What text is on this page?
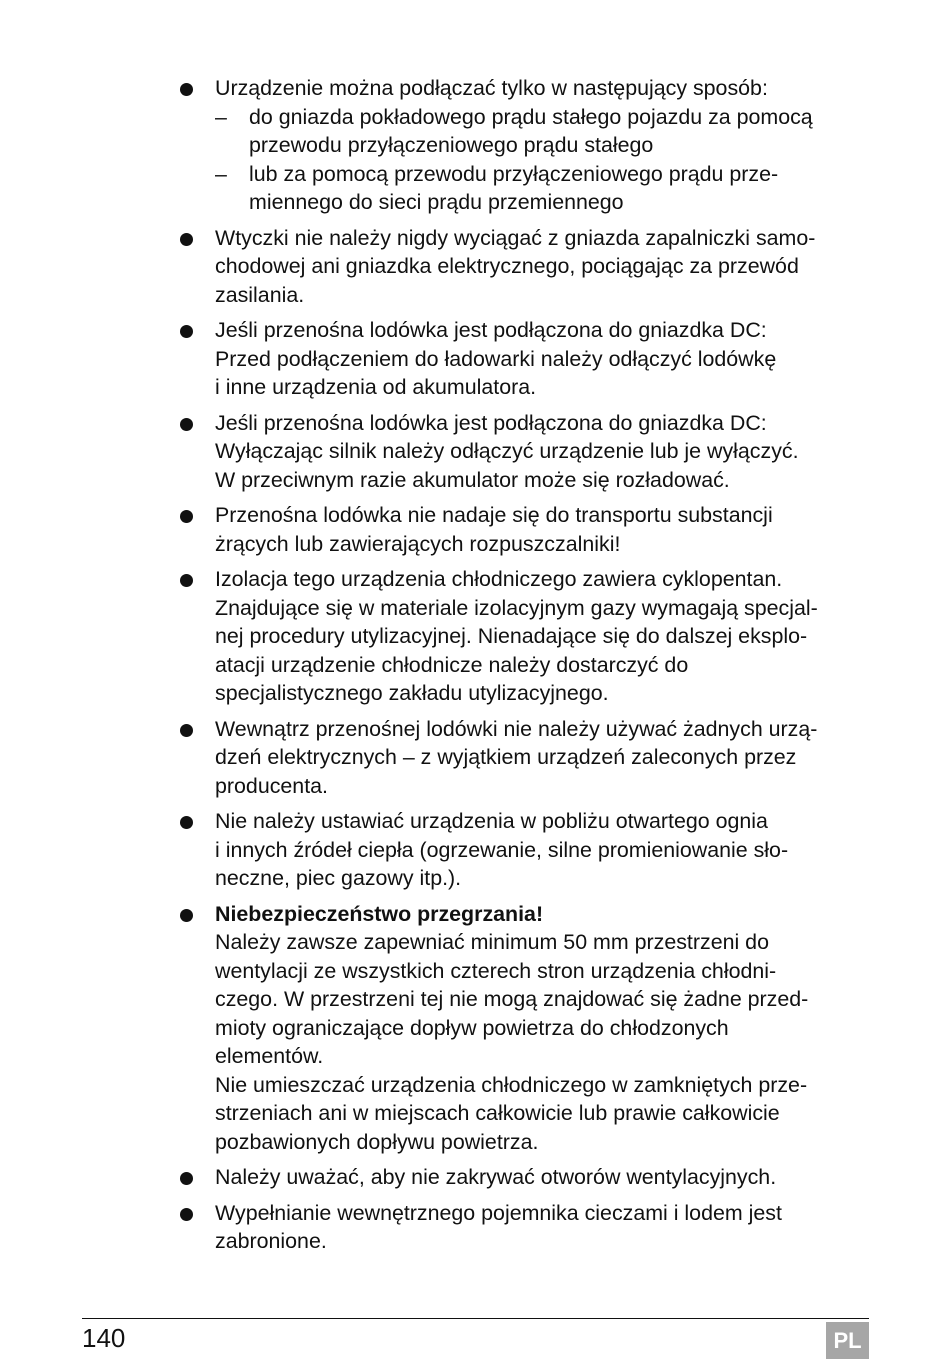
Urządzenie można podłączać tylko w następujący sposób:
– do gniazda pokładowego prądu stałego pojazdu za pomocą
przewodu przyłączeniowego prądu stałego
– lub za pomocą przewodu przyłączeniowego prądu prze-
miennego do sieci prądu przemiennego
Wtyczki nie należy nigdy wyciągać z gniazda zapalniczki samo-
chodowej ani gniazdka elektrycznego, pociągając za przewód
zasilania.
Jeśli przenośna lodówka jest podłączona do gniazdka DC:
Przed podłączeniem do ładowarki należy odłączyć lodówkę
i inne urządzenia od akumulatora.
Jeśli przenośna lodówka jest podłączona do gniazdka DC:
Wyłączając silnik należy odłączyć urządzenie lub je wyłączyć.
W przeciwnym razie akumulator może się rozładować.
Przenośna lodówka nie nadaje się do transportu substancji
żrących lub zawierających rozpuszczalniki!
Izolacja tego urządzenia chłodniczego zawiera cyklopentan.
Znajdujące się w materiale izolacyjnym gazy wymagają specjal-
nej procedury utylizacyjnej. Nienadające się do dalszej eksplo-
atacji urządzenie chłodnicze należy dostarczyć do
specjalistycznego zakładu utylizacyjnego.
Wewnątrz przenośnej lodówki nie należy używać żadnych urzą-
dzeń elektrycznych – z wyjątkiem urządzeń zaleconych przez
producenta.
Nie należy ustawiać urządzenia w pobliżu otwartego ognia
i innych źródeł ciepła (ogrzewanie, silne promieniowanie sło-
neczne, piec gazowy itp.).
Niebezpieczeństwo przegrzania!
Należy zawsze zapewniać minimum 50 mm przestrzeni do
wentylacji ze wszystkich czterech stron urządzenia chłodni-
czego. W przestrzeni tej nie mogą znajdować się żadne przed-
mioty ograniczające dopływ powietrza do chłodzonych
elementów.
Nie umieszczać urządzenia chłodniczego w zamkniętych prze-
strzeniach ani w miejscach całkowicie lub prawie całkowicie
pozbawionych dopływu powietrza.
Należy uważać, aby nie zakrywać otworów wentylacyjnych.
Wypełnianie wewnętrznego pojemnika cieczami i lodem jest
zabronione.
140	PL
